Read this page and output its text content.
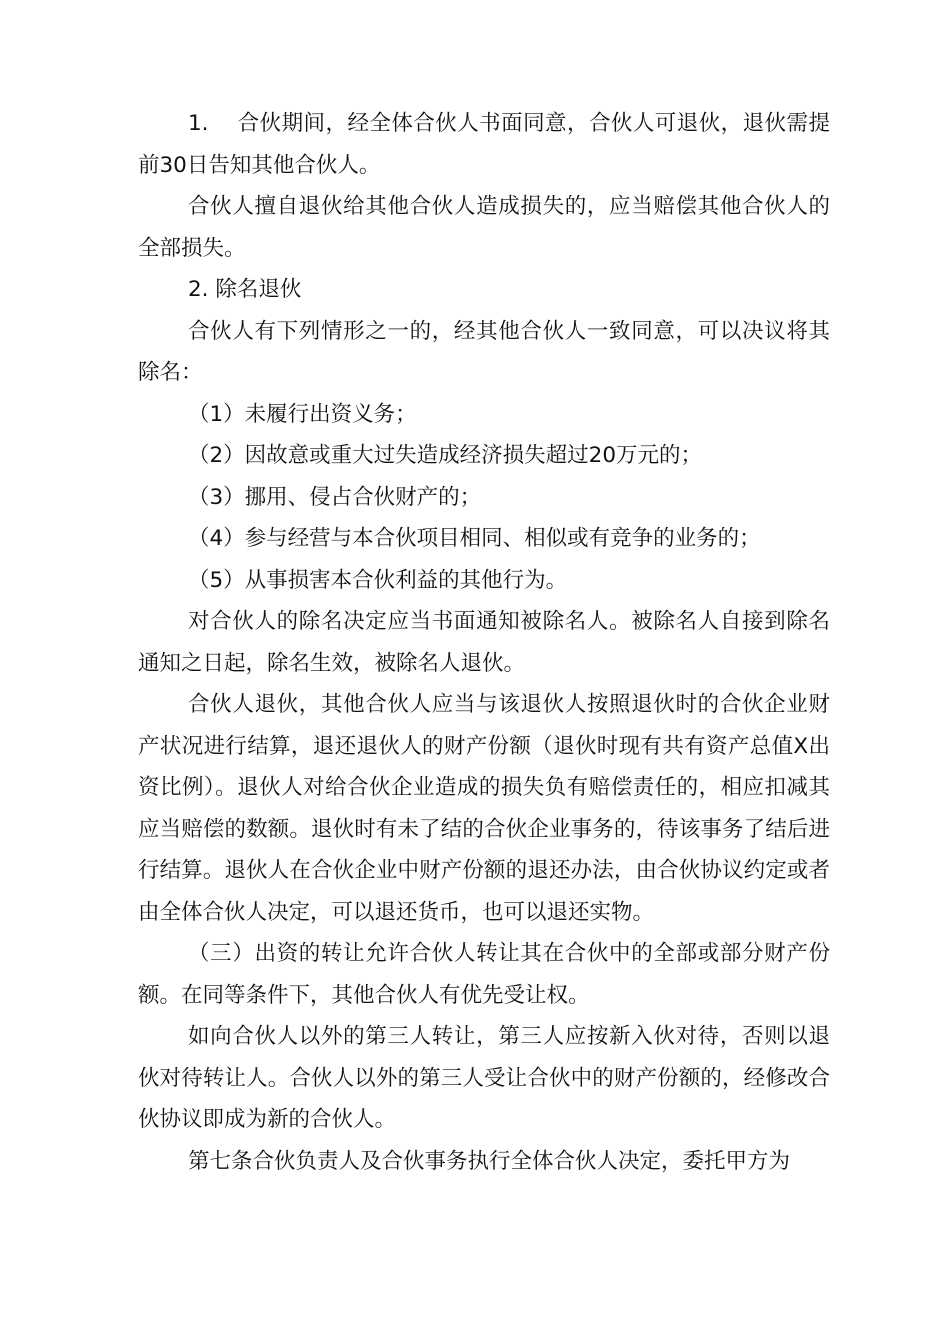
1.    合伙期间，经全体合伙人书面同意，合伙人可退伙，退伙需提前30日告知其他合伙人。

合伙人擅自退伙给其他合伙人造成损失的，应当赔偿其他合伙人的全部损失。

2. 除名退伙

合伙人有下列情形之一的，经其他合伙人一致同意，可以决议将其除名：

（1）未履行出资义务；

（2）因故意或重大过失造成经济损失超过20万元的；

（3）挪用、侵占合伙财产的；

（4）参与经营与本合伙项目相同、相似或有竞争的业务的；

（5）从事损害本合伙利益的其他行为。

对合伙人的除名决定应当书面通知被除名人。被除名人自接到除名通知之日起，除名生效，被除名人退伙。

合伙人退伙，其他合伙人应当与该退伙人按照退伙时的合伙企业财产状况进行结算，退还退伙人的财产份额（退伙时现有共有资产总值X出资比例）。退伙人对给合伙企业造成的损失负有赔偿责任的，相应扣减其应当赔偿的数额。退伙时有未了结的合伙企业事务的，待该事务了结后进行结算。退伙人在合伙企业中财产份额的退还办法，由合伙协议约定或者由全体合伙人决定，可以退还货币，也可以退还实物。

（三）出资的转让允许合伙人转让其在合伙中的全部或部分财产份额。在同等条件下，其他合伙人有优先受让权。

如向合伙人以外的第三人转让，第三人应按新入伙对待，否则以退伙对待转让人。合伙人以外的第三人受让合伙中的财产份额的，经修改合伙协议即成为新的合伙人。

第七条合伙负责人及合伙事务执行全体合伙人决定，委托甲方为
